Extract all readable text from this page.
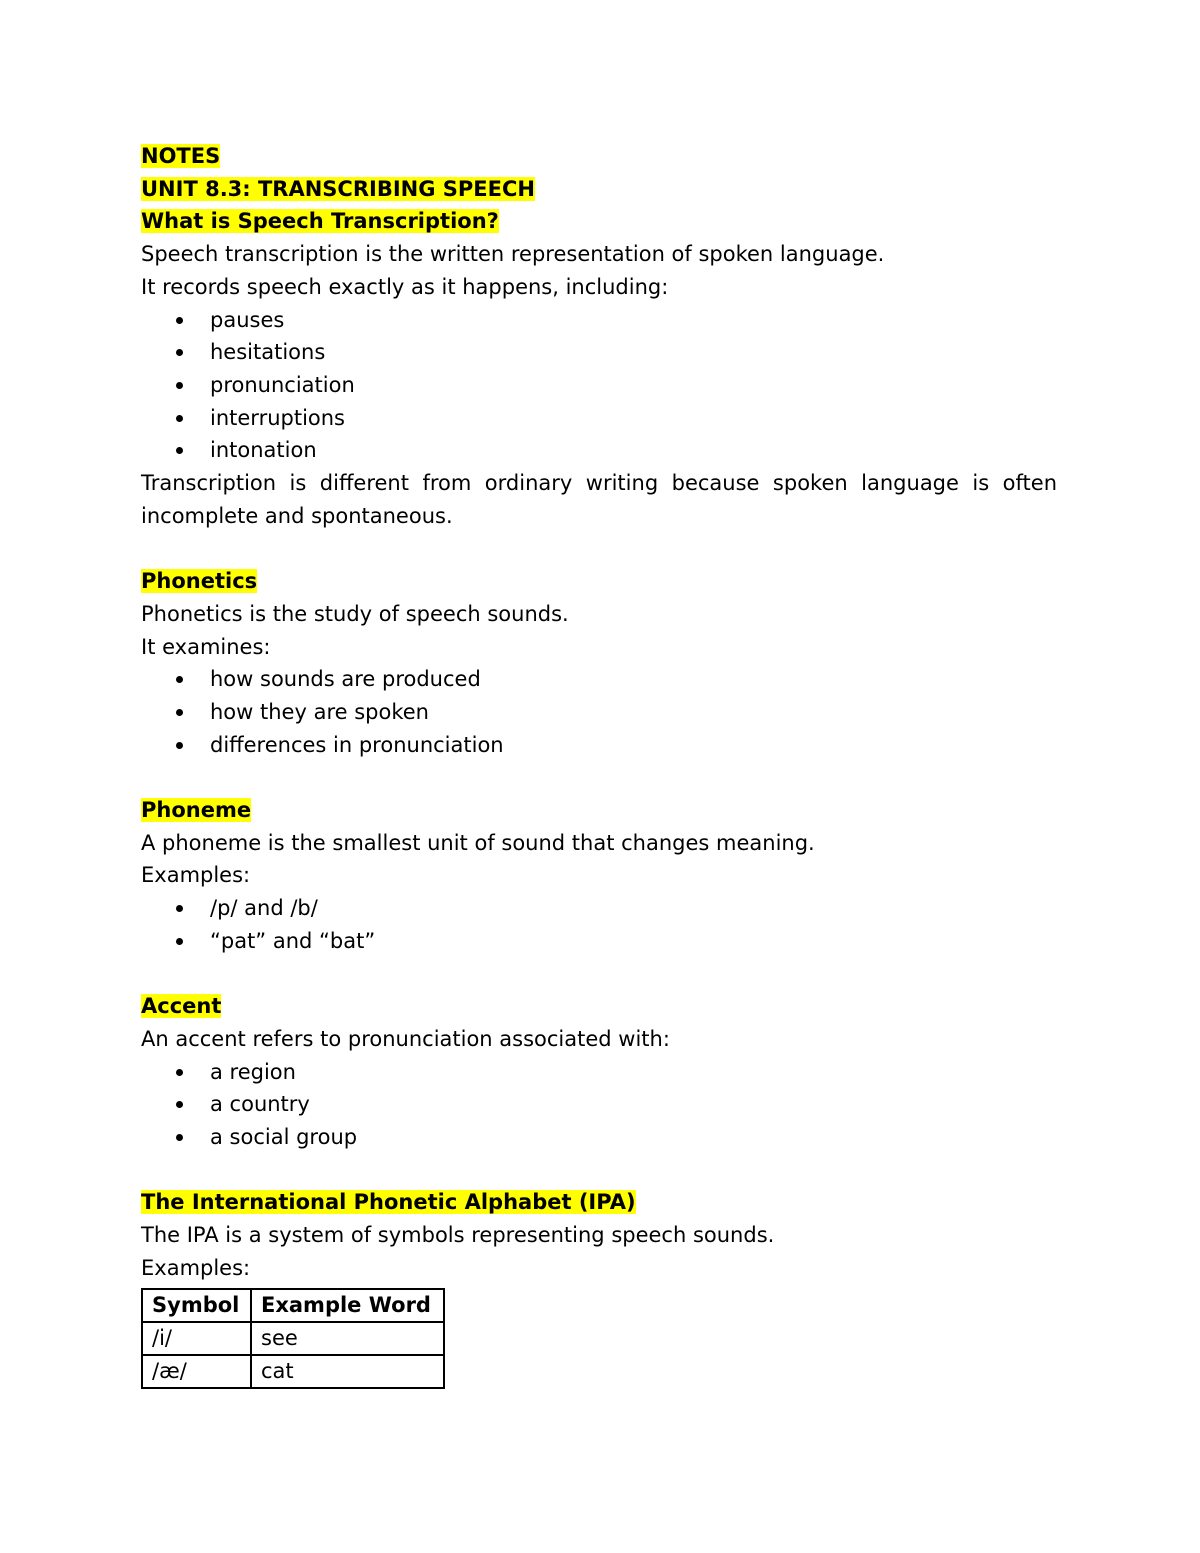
NOTES

UNIT 8.3: TRANSCRIBING SPEECH

What is Speech Transcription?

Speech transcription is the written representation of spoken language.

It records speech exactly as it happens, including:

pauses
hesitations
pronunciation
interruptions
intonation

Transcription is different from ordinary writing because spoken language is often incomplete and spontaneous.

Phonetics

Phonetics is the study of speech sounds.

It examines:

how sounds are produced
how they are spoken
differences in pronunciation

Phoneme

A phoneme is the smallest unit of sound that changes meaning.

Examples:

/p/ and /b/
“pat” and “bat”

Accent

An accent refers to pronunciation associated with:

a region
a country
a social group

The International Phonetic Alphabet (IPA)

The IPA is a system of symbols representing speech sounds.

Examples:

Symbol	Example Word
/i/	see
/æ/	cat
